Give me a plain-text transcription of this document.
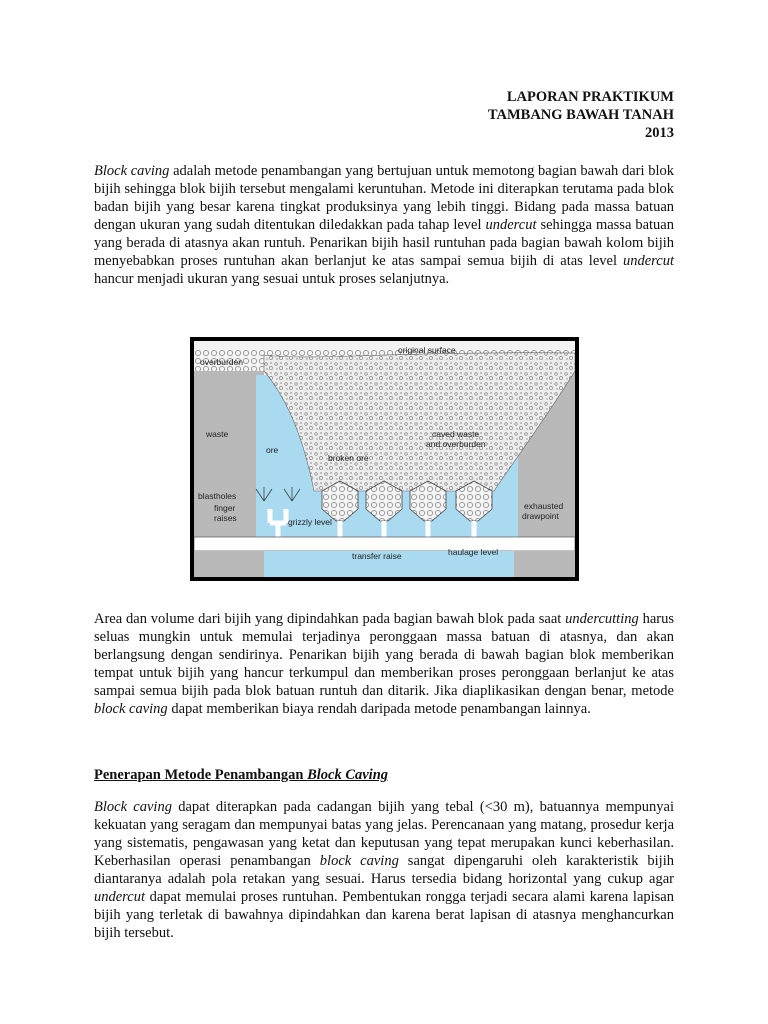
LAPORAN PRAKTIKUM
TAMBANG BAWAH TANAH
2013
Block caving adalah metode penambangan yang bertujuan untuk memotong bagian bawah dari blok bijih sehingga blok bijih tersebut mengalami keruntuhan. Metode ini diterapkan terutama pada blok badan bijih yang besar karena tingkat produksinya yang lebih tinggi. Bidang pada massa batuan dengan ukuran yang sudah ditentukan diledakkan pada tahap level undercut sehingga massa batuan yang berada di atasnya akan runtuh. Penarikan bijih hasil runtuhan pada bagian bawah kolom bijih menyebabkan proses runtuhan akan berlanjut ke atas sampai semua bijih di atas level undercut hancur menjadi ukuran yang sesuai untuk proses selanjutnya.
original surface
overburden
waste
ore
broken ore
caved waste
and overburden
blastholes
finger
raises	grizzly level
exhausted
drawpoint
transfer raise	haulage level
Area dan volume dari bijih yang dipindahkan pada bagian bawah blok pada saat undercutting harus seluas mungkin untuk memulai terjadinya peronggaan massa batuan di atasnya, dan akan berlangsung dengan sendirinya. Penarikan bijih yang berada di bawah bagian blok memberikan tempat untuk bijih yang hancur terkumpul dan memberikan proses peronggaan berlanjut ke atas sampai semua bijih pada blok batuan runtuh dan ditarik. Jika diaplikasikan dengan benar, metode block caving dapat memberikan biaya rendah daripada metode penambangan lainnya.
Penerapan Metode Penambangan Block Caving
Block caving dapat diterapkan pada cadangan bijih yang tebal (<30 m), batuannya mempunyai kekuatan yang seragam dan mempunyai batas yang jelas. Perencanaan yang matang, prosedur kerja yang sistematis, pengawasan yang ketat dan keputusan yang tepat merupakan kunci keberhasilan. Keberhasilan operasi penambangan block caving sangat dipengaruhi oleh karakteristik bijih diantaranya adalah pola retakan yang sesuai. Harus tersedia bidang horizontal yang cukup agar undercut dapat memulai proses runtuhan. Pembentukan rongga terjadi secara alami karena lapisan bijih yang terletak di bawahnya dipindahkan dan karena berat lapisan di atasnya menghancurkan bijih tersebut.
